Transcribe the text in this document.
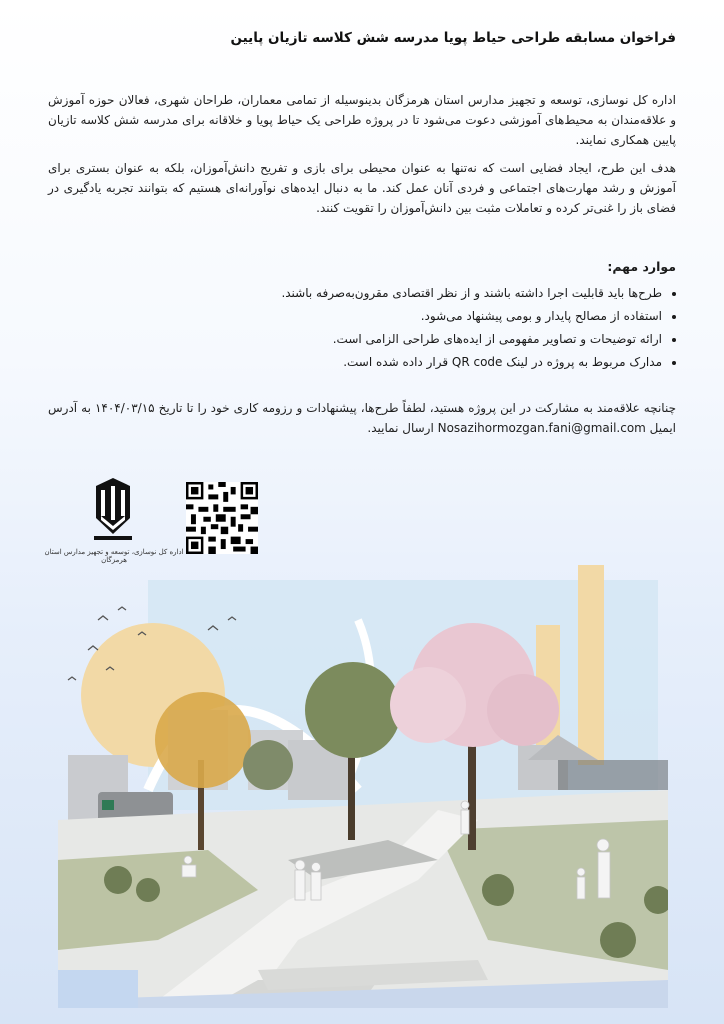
فراخوان مسابقه طراحی حیاط پویا مدرسه شش کلاسه تازیان پایین
اداره کل نوسازی، توسعه و تجهیز مدارس استان هرمزگان بدینوسیله از تمامی معماران، طراحان شهری، فعالان حوزه آموزش و علاقه‌مندان به محیط‌های آموزشی دعوت می‌شود تا در پروژه طراحی یک حیاط پویا و خلاقانه برای مدرسه شش کلاسه تازیان پایین همکاری نمایند.
هدف این طرح، ایجاد فضایی است که نه‌تنها به عنوان محیطی برای بازی و تفریح دانش‌آموزان، بلکه به عنوان بستری برای آموزش و رشد مهارت‌های اجتماعی و فردی آنان عمل کند. ما به دنبال ایده‌های نوآورانه‌ای هستیم که بتوانند تجربه یادگیری در فضای باز را غنی‌تر کرده و تعاملات مثبت بین دانش‌آموزان را تقویت کنند.
موارد مهم:
• طرح‌ها باید قابلیت اجرا داشته باشند و از نظر اقتصادی مقرون‌به‌صرفه باشند.
• استفاده از مصالح پایدار و بومی پیشنهاد می‌شود.
• ارائه توضیحات و تصاویر مفهومی از ایده‌های طراحی الزامی است.
• مدارک مربوط به پروژه در لینک QR code قرار داده شده است.
چنانچه علاقه‌مند به مشارکت در این پروژه هستید، لطفاً طرح‌ها، پیشنهادات و رزومه کاری خود را تا تاریخ ۱۴۰۴/۰۳/۱۵ به آدرس ایمیل Nosazihormozgan.fani@gmail.com ارسال نمایید.
اداره کل نوسازی، توسعه و تجهیز مدارس استان هرمزگان
